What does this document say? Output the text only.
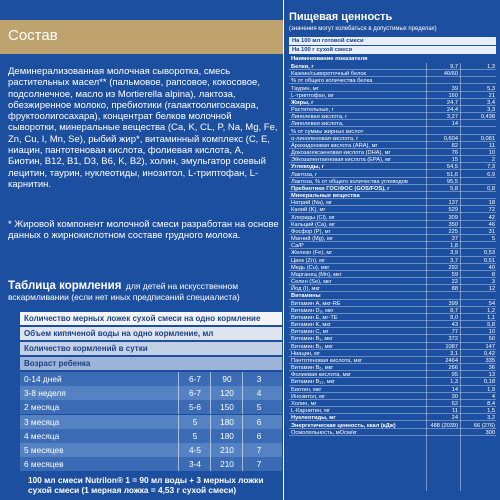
Состав
Деминерализованная молочная сыворотка, смесь растительных масел** (пальмовое, рапсовое, кокосовое, подсолнечное, масло из Mortierella alpina), лактоза, обезжиренное молоко, пребиотики (галактоолигосахара, фруктоолигосахара), концентрат белков молочной сыворотки, минеральные вещества (Ca, K, CL, P, Na, Mg, Fe, Zn, Cu, I, Mn, Se), рыбий жир*, витаминный комплекс (С, Е, ниацин, пантотеновая кислота, фолиевая кислота, А, Биотин, B12, B1, D3, B6, K, B2), холин, эмульгатор соевый лецитин, таурин, нуклеотиды, инозитол, L-триптофан, L-карнитин.
* Жировой компонент молочной смеси разработан на основе данных о жирнокислотном составе грудного молока.
Таблица кормления для детей на искусственном вскармливании (если нет иных предписаний специалиста)
Количество мерных ложек сухой смеси на одно кормление
Объем кипяченой воды на одно кормление, мл
Количество кормлений в сутки
Возраст ребенка
0-14 дней	6-7	90	3
3-8 неделя	6-7	120	4
2 месяца	5-6	150	5
3 месяца	5	180	6
4 месяца	5	180	6
5 месяцев	4-5	210	7
6 месяцев	3-4	210	7
100 мл смеси Nutrilon® 1 = 90 мл воды + 3 мерных ложки сухой смеси (1 мерная ложка = 4,53 г сухой смеси)
Пищевая ценность
(значения могут колебаться в допустимых пределах)
На 100 мл готовой смеси
На 100 г сухой смеси
Наименование показателя
Белки, г	9,7	1,3
Казеин/сывороточный белок	40/60
% от общего количества белка
Таурин, мг	39	5,3
L-триптофан, мг	160	21
Жиры, г	24,7	3,4
Растительные, г	24,4	3,3
Линолевая кислота, г	3,27	0,438
Линолевая кислота,	14
% от суммы жирных кислот
α-линоленовая кислота, г	0,604	0,081
Арахидоновая кислота (ARA), мг	82	11
Докозагексаеновая кислота (DHA), мг	76	10
Эйкозапентаеновая кислота (EPA), мг	15	2
Углеводы, г	54,5	7,3
Лактоза, г	51,6	6,9
Лактоза, % от общего количества углеводов	95,5
Пребиотики ГОС/ФОС (GOS/FOS), г	5,8	0,8
Минеральные вещества
Натрий (Na), мг	137	18
Калий (K), мг	529	72
Хлориды (Cl), мг	309	42
Кальций (Ca), мг	350	46
Фосфор (P), мг	225	31
Магний (Mg), мг	37	5
Ca/P	1,8
Железо (Fe), мг	3,9	0,53
Цинк (Zn), мг	3,7	0,51
Медь (Cu), мкг	292	40
Марганец (Mn), мкг	59	8
Селен (Se), мкг	22	3
Йод (I), мкг	88	12
Витамины
Витамин A, мкг-RE	399	54
Витамин D₃, мкг	8,7	1,2
Витамин E, мг-TE	8,0	1,1
Витамин K, мкг	43	5,8
Витамин C, мг	77	10
Витамин B₁, мкг	372	50
Витамин B₂, мкг	1087	147
Ниацин, мг	3,1	0,42
Пантотеновая кислота, мкг	2464	335
Витамин B₆, мкг	266	36
Фолиевая кислота, мкг	95	13
Витамин B₁₂, мкг	1,3	0,18
Биотин, мкг	14	1,9
Инозитол, мг	30	4
Холин, мг	62	8,4
L-Карнитин, мг	11	1,5
Нуклеотиды, мг	24	3,2
Энергетическая ценность, ккал (кДж)	488 (2039)	66 (276)
Осмоляльность, мОсм/кг	300
